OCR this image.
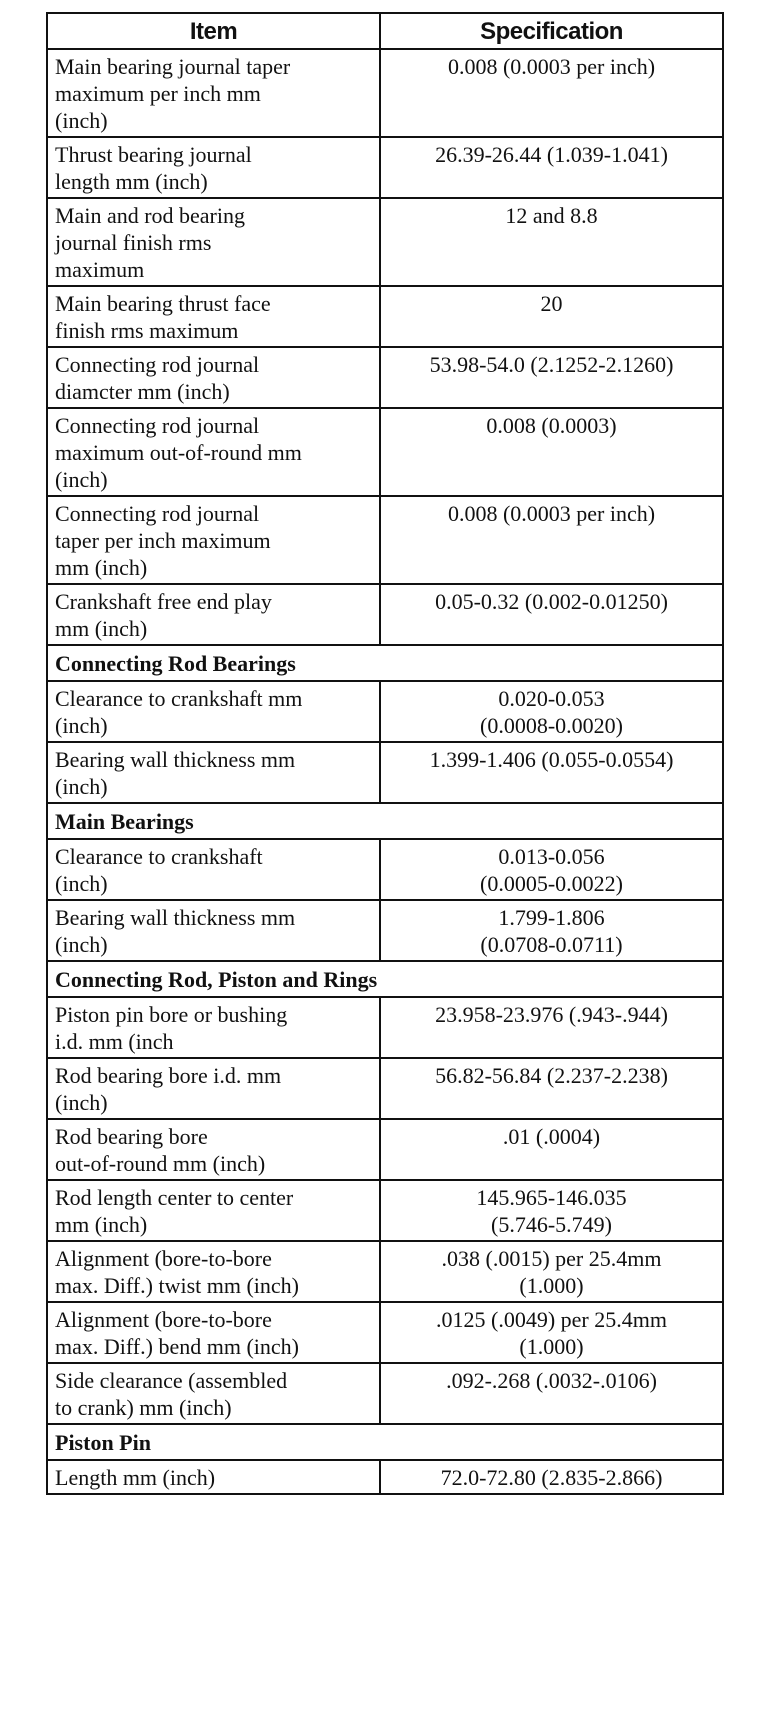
Item	Specification

Main bearing journal taper
maximum per inch mm
(inch)	0.008 (0.0003 per inch)

Thrust bearing journal
length mm (inch)	26.39-26.44 (1.039-1.041)

Main and rod bearing
journal finish rms
maximum	12 and 8.8

Main bearing thrust face
finish rms maximum	20

Connecting rod journal
diamcter mm (inch)	53.98-54.0 (2.1252-2.1260)

Connecting rod journal
maximum out-of-round mm
(inch)	0.008 (0.0003)

Connecting rod journal
taper per inch maximum
mm (inch)	0.008 (0.0003 per inch)

Crankshaft free end play
mm (inch)	0.05-0.32 (0.002-0.01250)

Connecting Rod Bearings	

Clearance to crankshaft mm
(inch)	0.020-0.053
(0.0008-0.0020)

Bearing wall thickness mm
(inch)	1.399-1.406 (0.055-0.0554)

Main Bearings	

Clearance to crankshaft
(inch)	0.013-0.056
(0.0005-0.0022)

Bearing wall thickness mm
(inch)	1.799-1.806
(0.0708-0.0711)

Connecting Rod, Piston and Rings	

Piston pin bore or bushing
i.d. mm (inch	23.958-23.976 (.943-.944)

Rod bearing bore i.d. mm
(inch)	56.82-56.84 (2.237-2.238)

Rod bearing bore
out-of-round mm (inch)	.01 (.0004)

Rod length center to center
mm (inch)	145.965-146.035
(5.746-5.749)

Alignment (bore-to-bore
max. Diff.) twist mm (inch)	.038 (.0015) per 25.4mm
(1.000)

Alignment (bore-to-bore
max. Diff.) bend mm (inch)	.0125 (.0049) per 25.4mm
(1.000)

Side clearance (assembled
to crank) mm (inch)	.092-.268 (.0032-.0106)

Piston Pin	

Length mm (inch)	72.0-72.80 (2.835-2.866)
